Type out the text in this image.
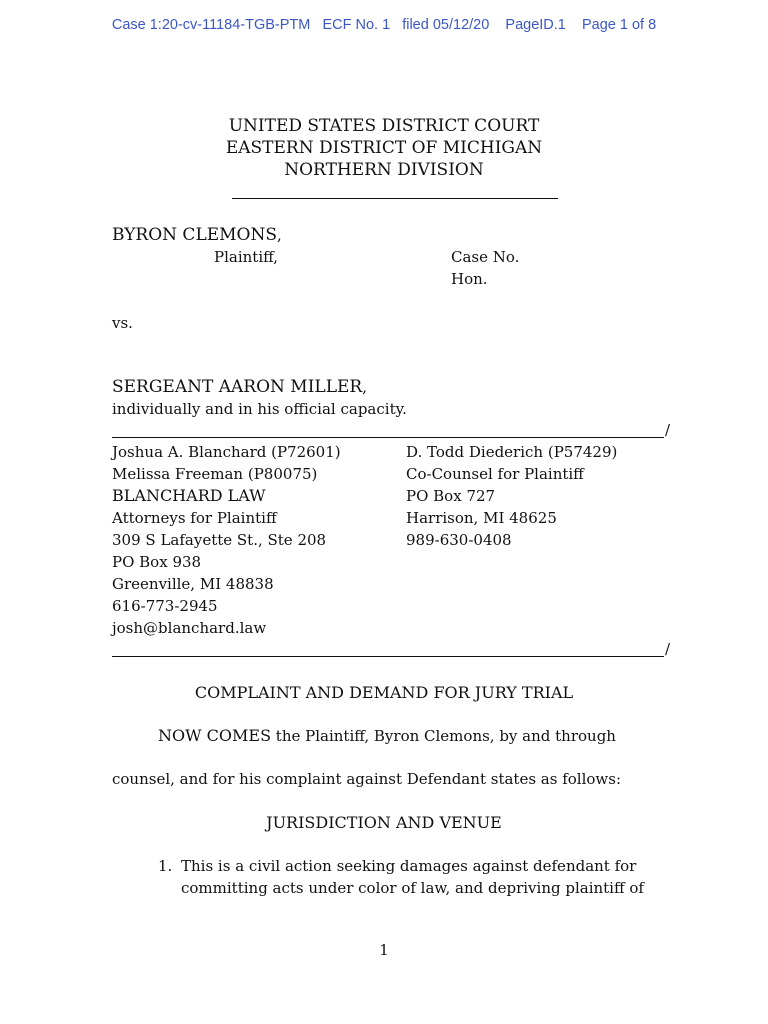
Case 1:20-cv-11184-TGB-PTM   ECF No. 1   filed 05/12/20    PageID.1    Page 1 of 8
UNITED STATES DISTRICT COURT
EASTERN DISTRICT OF MICHIGAN
NORTHERN DIVISION
BYRON CLEMONS,
Plaintiff,	Case No.
Hon.
vs.
SERGEANT AARON MILLER,
individually and in his official capacity.
/
Joshua A. Blanchard (P72601)
Melissa Freeman (P80075)
BLANCHARD LAW
Attorneys for Plaintiff
309 S Lafayette St., Ste 208
PO Box 938
Greenville, MI 48838
616-773-2945
josh@blanchard.law
D. Todd Diederich (P57429)
Co-Counsel for Plaintiff
PO Box 727
Harrison, MI 48625
989-630-0408
/
COMPLAINT AND DEMAND FOR JURY TRIAL
NOW COMES the Plaintiff, Byron Clemons, by and through
counsel, and for his complaint against Defendant states as follows:
JURISDICTION AND VENUE
1. This is a civil action seeking damages against defendant for
committing acts under color of law, and depriving plaintiff of
1
